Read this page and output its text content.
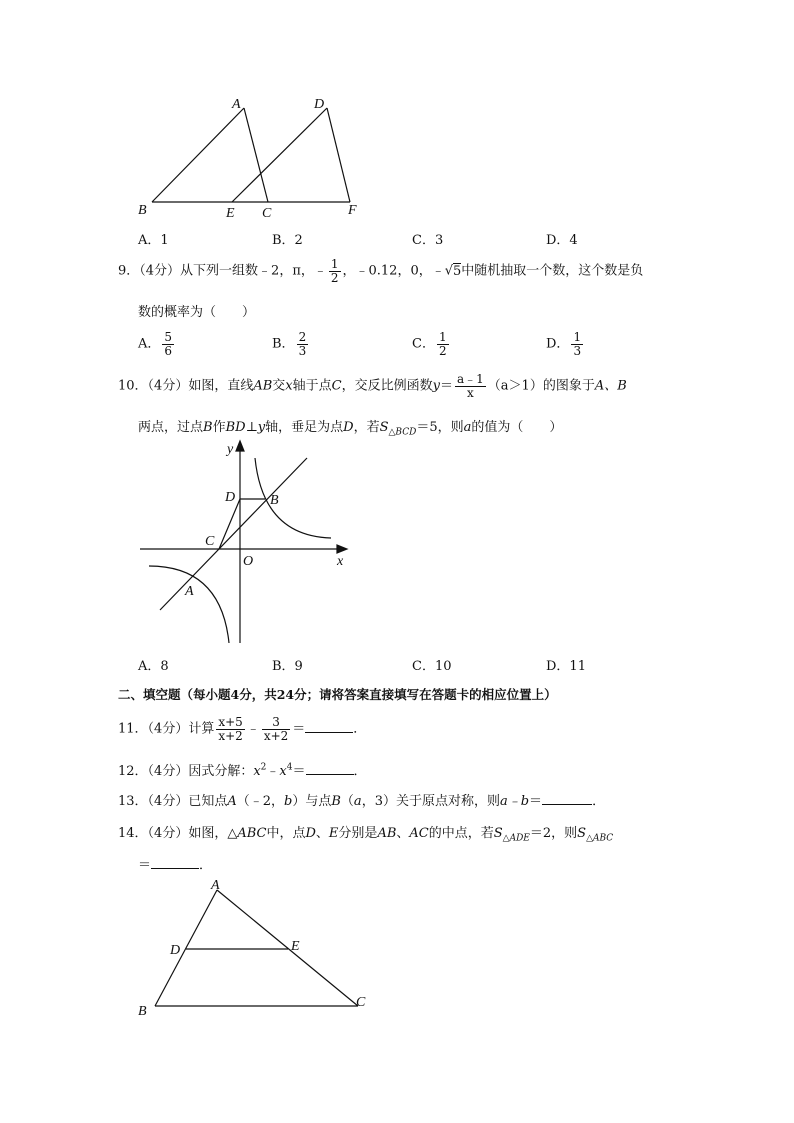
A	D
B	E C	F
A．1	B．2	C．3	D．4
9．（4分）从下列一组数﹣2，π，﹣ $\frac{1}{2}$ ，﹣0.12，0，﹣√5中随机抽取一个数，这个数是负
数的概率为（　　）
A． $\frac{5}{6}$	B． $\frac{2}{3}$	C． $\frac{1}{2}$	D． $\frac{1}{3}$
10．（4分）如图，直线AB交x轴于点C，交反比例函数$y= \frac{a﹣1}{x} (a>1)$的图象于A、B
两点，过点B作BD⊥y轴，垂足为点D，若$S_{\triangle BCD}=5$，则a的值为（　　）
y
D B
C
O	x
A
A．8	B．9	C．10	D．11
二、填空题（每小题4分，共24分；请将答案直接填写在答题卡的相应位置上）
11．（4分）计算 $\frac{x+5}{x+2}$ ﹣ $\frac{3}{x+2}$ ＝	．
12．（4分）因式分解：$x^2﹣x^4=$	．
13．（4分）已知点A（﹣2，b）与点B（a，3）关于原点对称，则a﹣b＝	．
14．（4分）如图，△ABC中，点D、E分别是AB、AC的中点，若$S_{\triangle ADE}=2$，则$S_{\triangle ABC}$
＝	．
A
D	E
B
C
